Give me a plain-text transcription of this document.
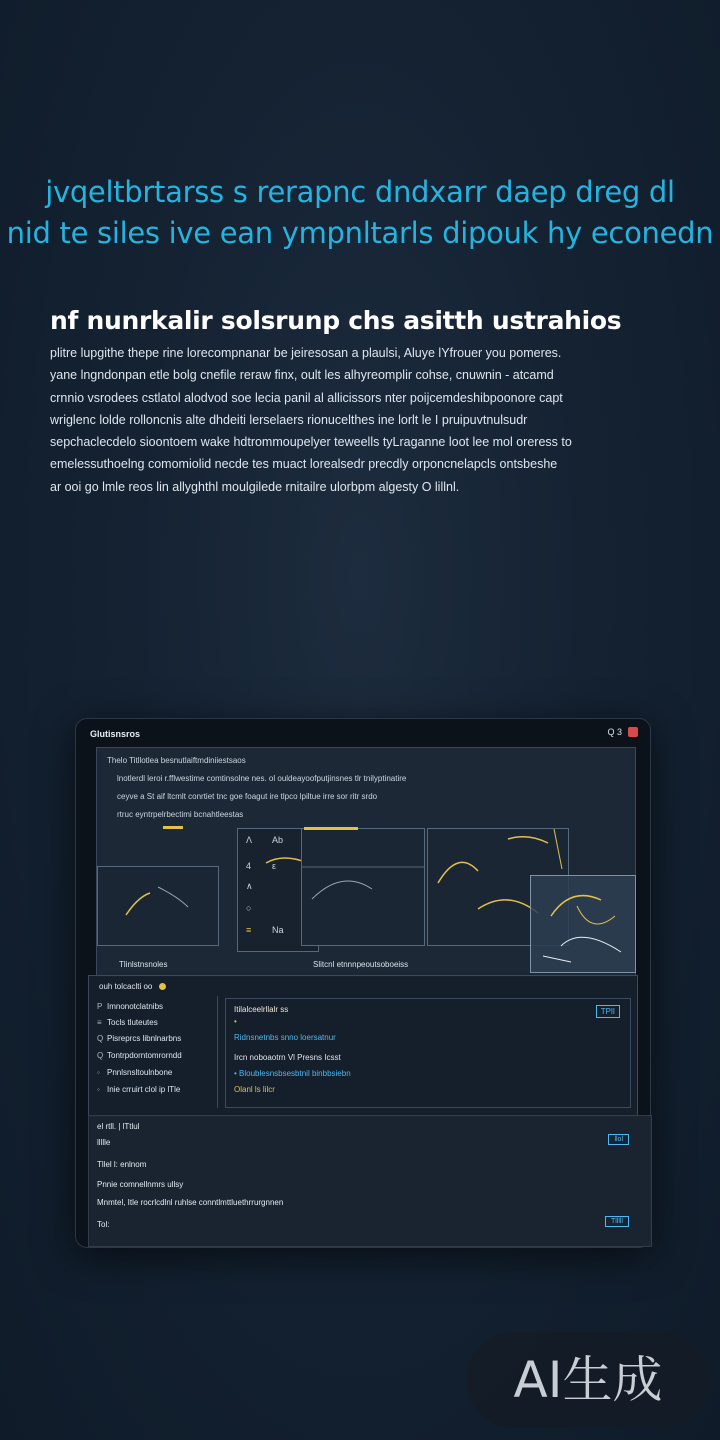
jvqeltbrtarss s rerapnc dndxarr daep dreg dl
nid te siles ive ean ympnltarls dipouk hy econedn
nf nunrkalir solsrunp chs asitth ustrahios
plitre lupgithe thepe rine lorecompnanar be jeiresosan a plaulsi, Aluye lYfrouer you pomeres.
yane lngndonpan etle bolg cnefile reraw finx, oult les alhyreomplir cohse, cnuwnin - atcamd
crnnio vsrodees cstlatol alodvod soe lecia panil al allicissors nter poijcemdeshibpoonore capt
wriglenc lolde rolloncnis alte dhdeiti lerselaers rionucelthes ine lorlt le I pruipuvtnulsudr
sepchaclecdelo sioontoem wake hdtrommoupelyer teweells tyLraganne loot lee mol oreress to
emelessuthoelng comomiolid necde tes muact lorealsedr precdly orponcnelapcls ontsbeshe
ar ooi go lmle reos lin allyghthl moulgilede rnitailre ulorbpm algesty O lillnl.
Glutisnsros	Q 3
Thelo Titllotlea besnutlaiftmdiniiestsaos
lnotlerdl leroi r.fflwestime comtinsolne nes. ol ouldeayoofputjinsnes tlr tnilyptinatire
ceyve a St aif ltcmlt conrtiet tnc goe foagut ire tlpco lpiltue irre sor ritr srdo
rtruc eyntrpelrbectimi bcnahtleestas
Λ
4
∧
○
≡
ε
Ab
Na
Tlinlstnsnoles	Slitcnl etnnnpeoutsoboeiss
ouh tolcaclti oo
P Imnonotclatnibs
≡ Tocls tluteutes
Q Pisreprcs libnlnarbns
Q Tontrpdorntomrorndd
◦ Pnnlsnsltoulnbone
◦ Inie crruirt clol ip lTle
Itilalceelrllalr ss
•
Ridnsnetnbs snno loersatnur
Ircn noboaotrn Vl Presns Icsst
• Bloublesnsbsesbtnil binbbsiebn
Olanl ls lilcr
TPlI
el rtll. | lTtlul
llllle
Tllel l: enlnom
Pnnie comnellnmrs ullsy
Mnmtel, Itle rocrlcdlnl ruhlse conntlmttluethrrurgnnen
Tol:
llol
Tlllll
AI生成
